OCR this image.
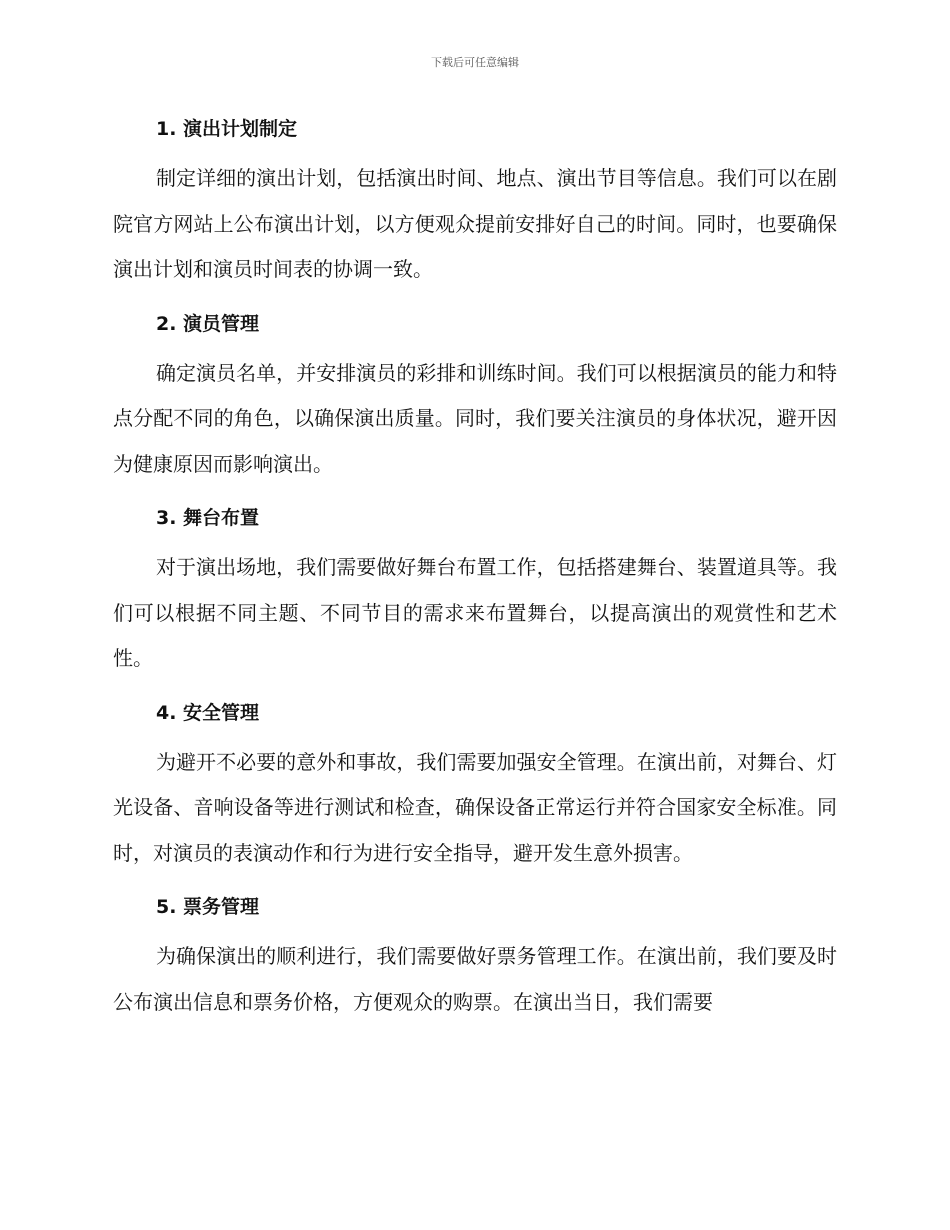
下载后可任意编辑
1. 演出计划制定

制定详细的演出计划，包括演出时间、地点、演出节目等信息。我们可以在剧院官方网站上公布演出计划，以方便观众提前安排好自己的时间。同时，也要确保演出计划和演员时间表的协调一致。

2. 演员管理

确定演员名单，并安排演员的彩排和训练时间。我们可以根据演员的能力和特点分配不同的角色，以确保演出质量。同时，我们要关注演员的身体状况，避开因为健康原因而影响演出。

3. 舞台布置

对于演出场地，我们需要做好舞台布置工作，包括搭建舞台、装置道具等。我们可以根据不同主题、不同节目的需求来布置舞台，以提高演出的观赏性和艺术性。

4. 安全管理

为避开不必要的意外和事故，我们需要加强安全管理。在演出前，对舞台、灯光设备、音响设备等进行测试和检查，确保设备正常运行并符合国家安全标准。同时，对演员的表演动作和行为进行安全指导，避开发生意外损害。

5. 票务管理

为确保演出的顺利进行，我们需要做好票务管理工作。在演出前，我们要及时公布演出信息和票务价格，方便观众的购票。在演出当日，我们需要
